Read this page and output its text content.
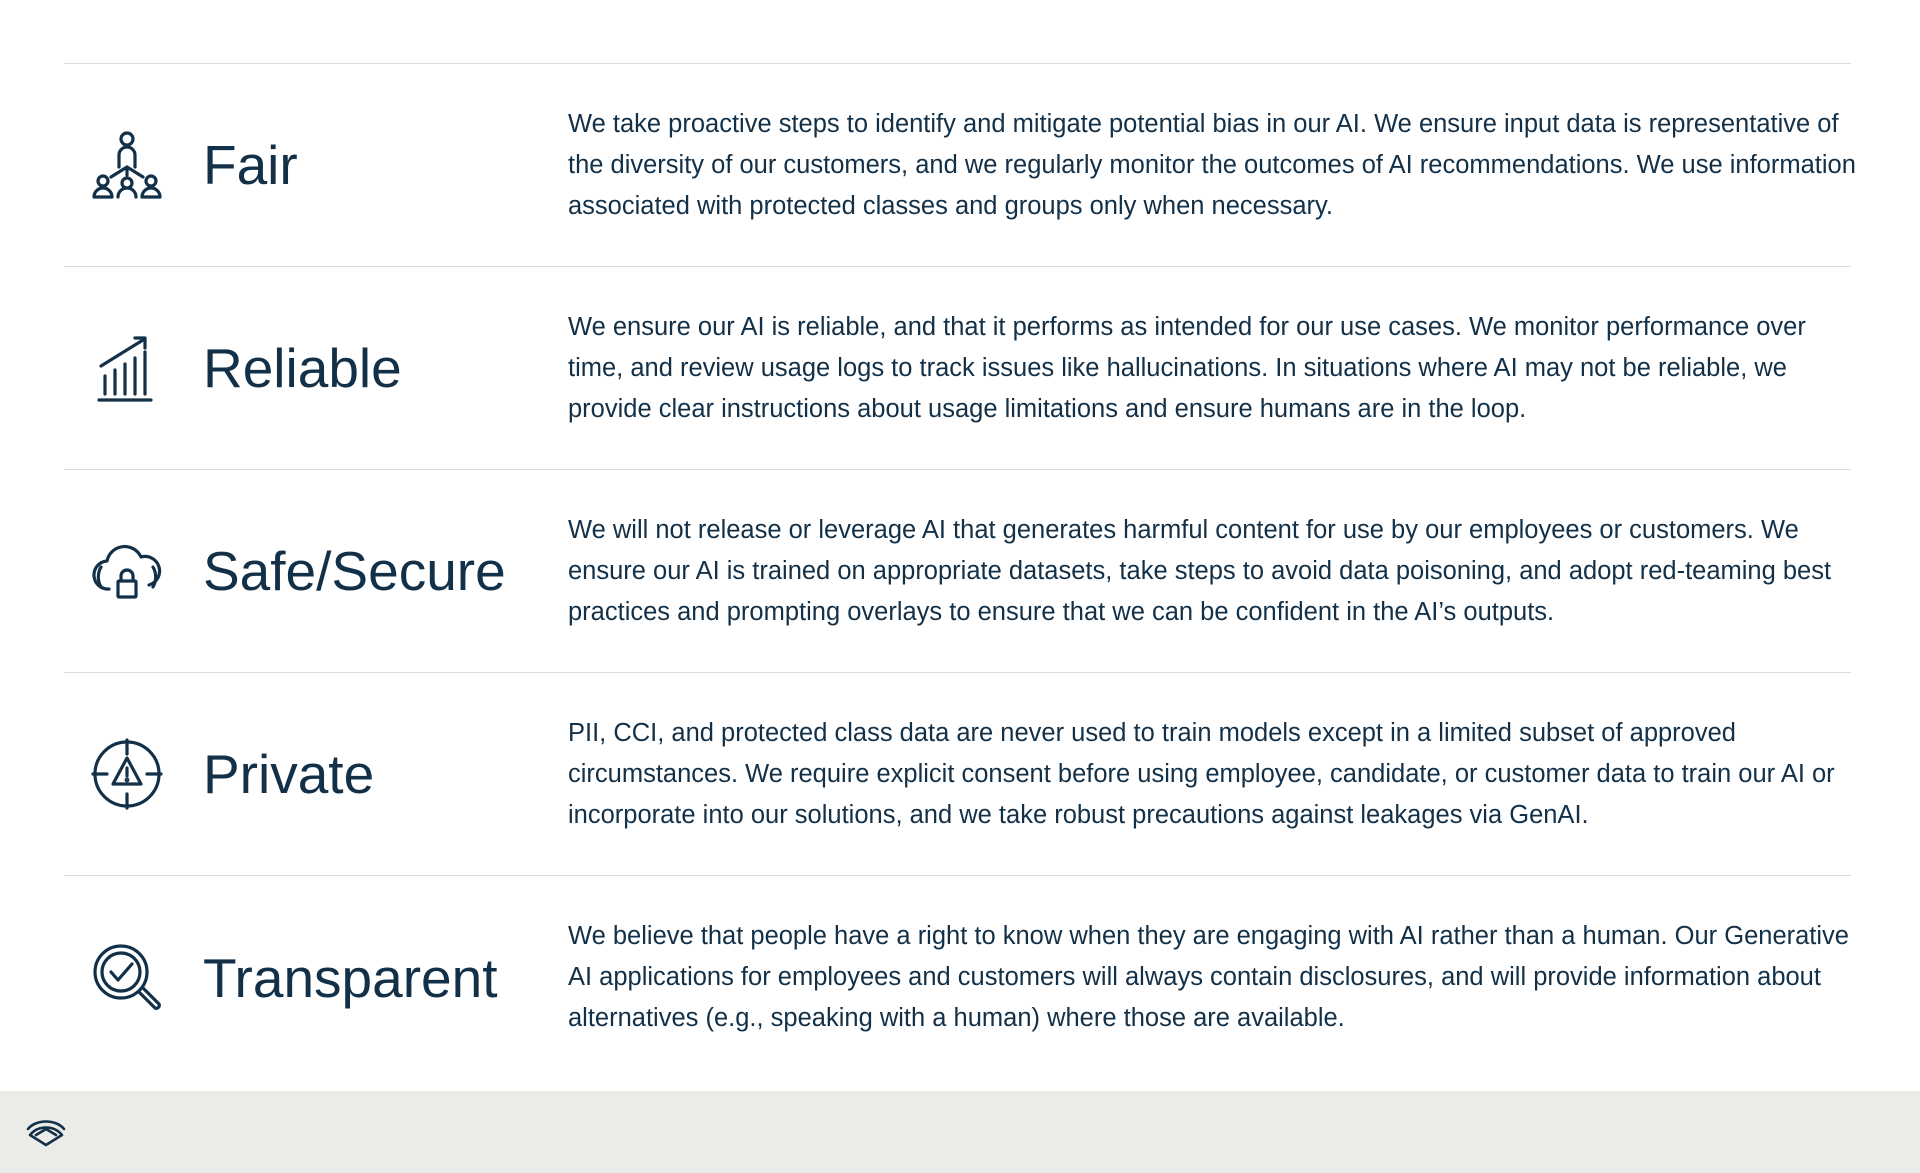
Fair
We take proactive steps to identify and mitigate potential bias in our AI. We ensure input data is representative of the diversity of our customers, and we regularly monitor the outcomes of AI recommendations. We use information associated with protected classes and groups only when necessary.
Reliable
We ensure our AI is reliable, and that it performs as intended for our use cases. We monitor performance over time, and review usage logs to track issues like hallucinations. In situations where AI may not be reliable, we provide clear instructions about usage limitations and ensure humans are in the loop.
Safe/Secure
We will not release or leverage AI that generates harmful content for use by our employees or customers. We ensure our AI is trained on appropriate datasets, take steps to avoid data poisoning, and adopt red-teaming best practices and prompting overlays to ensure that we can be confident in the AI’s outputs.
Private
PII, CCI, and protected class data are never used to train models except in a limited subset of approved circumstances. We require explicit consent before using employee, candidate, or customer data to train our AI or incorporate into our solutions, and we take robust precautions against leakages via GenAI.
Transparent
We believe that people have a right to know when they are engaging with AI rather than a human. Our Generative AI applications for employees and customers will always contain disclosures, and will provide information about alternatives (e.g., speaking with a human) where those are available.
